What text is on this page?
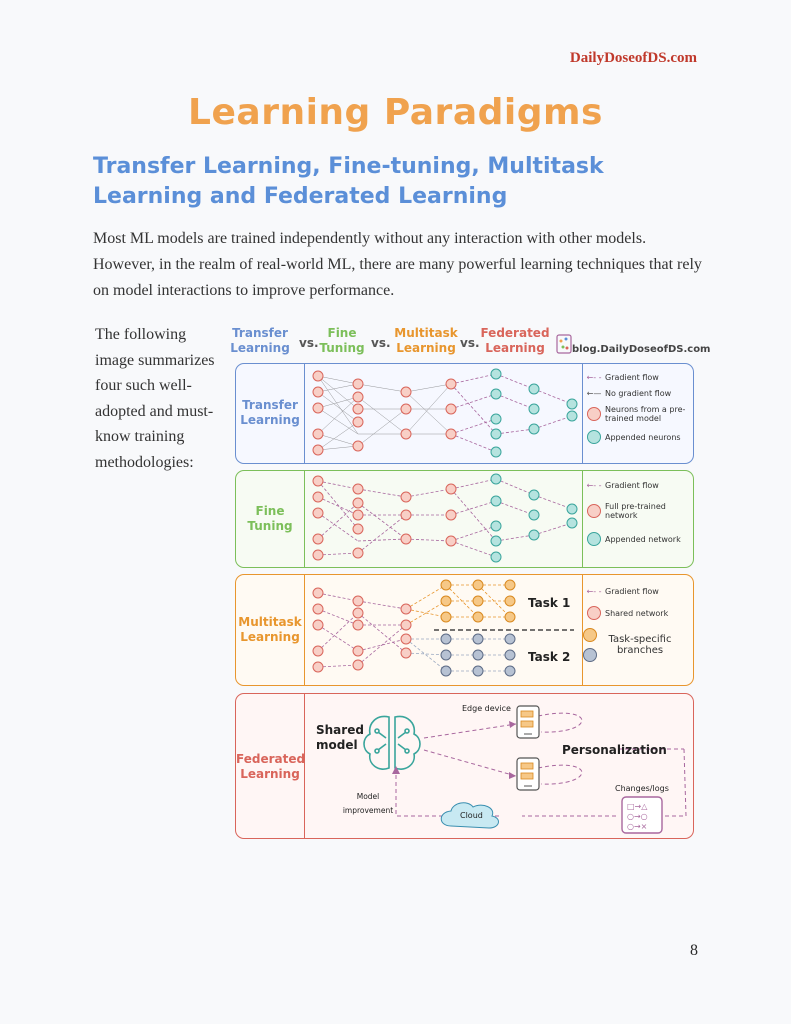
DailyDoseofDS.com
Learning Paradigms
Transfer Learning, Fine-tuning, Multitask Learning and Federated Learning
Most ML models are trained independently without any interaction with other models. However, in the realm of real-world ML, there are many powerful learning techniques that rely on model interactions to improve performance.
The following image summarizes four such well-adopted and must-know training methodologies:
Transfer Learning vs.
Fine Tuning vs.
Multitask Learning vs.
Federated Learning	blog.DailyDoseofDS.com
Transfer Learning
←- - Gradient flow
←— No gradient flow
Neurons from a pre-trained model
Appended neurons
Fine Tuning
←- - Gradient flow
Full pre-trained network
Appended network
Multitask Learning
Task 1
Task 2
←- - Gradient flow
Shared network
Task-specific branches
Federated Learning
□→△
○→○
○→×
Shared model
Edge device
Personalization
Changes/logs
Model improvement
Cloud
8
